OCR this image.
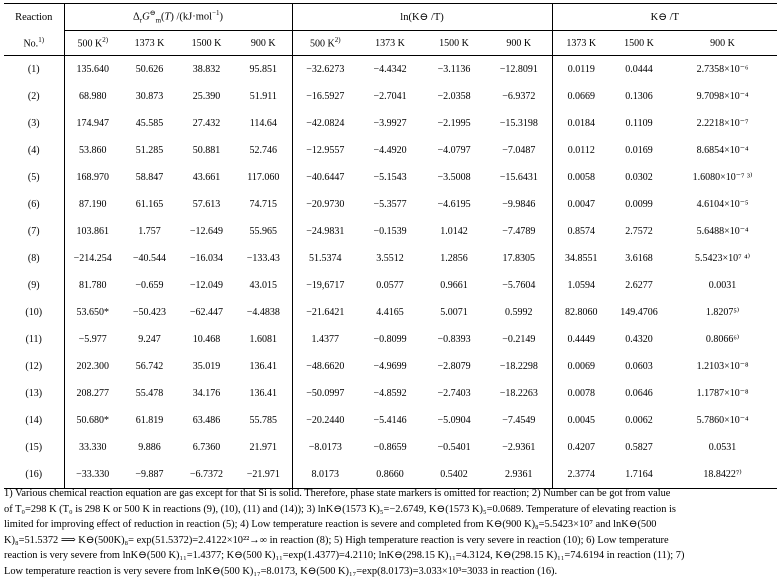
Reaction	$\Delta_rG^⊖_m(T)$ /(kJ·mol$^{-1}$)				ln(K⊖ /T)				K⊖ /T		
No.$^{1)}$	500 $K^{2)}$	1373 K	1500 K	900 K	500 $K^{2)}$	1373 K	1500 K	900 K	1373 K	1500 K	900 K
(1)	135.640	50.626	38.832	95.851	−32.6273	−4.4342	−3.1136	−12.8091	0.0119	0.0444	2.7358×10⁻⁶
(2)	68.980	30.873	25.390	51.911	−16.5927	−2.7041	−2.0358	−6.9372	0.0669	0.1306	9.7098×10⁻⁴
(3)	174.947	45.585	27.432	114.64	−42.0824	−3.9927	−2.1995	−15.3198	0.0184	0.1109	2.2218×10⁻⁷
(4)	53.860	51.285	50.881	52.746	−12.9557	−4.4920	−4.0797	−7.0487	0.0112	0.0169	8.6854×10⁻⁴
(5)	168.970	58.847	43.661	117.060	−40.6447	−5.1543	−3.5008	−15.6431	0.0058	0.0302	1.6080×10⁻⁷ ³⁾
(6)	87.190	61.165	57.613	74.715	−20.9730	−5.3577	−4.6195	−9.9846	0.0047	0.0099	4.6104×10⁻⁵
(7)	103.861	1.757	−12.649	55.965	−24.9831	−0.1539	1.0142	−7.4789	0.8574	2.7572	5.6488×10⁻⁴
(8)	−214.254	−40.544	−16.034	−133.43	51.5374	3.5512	1.2856	17.8305	34.8551	3.6168	5.5423×10⁷ ⁴⁾
(9)	81.780	−0.659	−12.049	43.015	−19,6717	0.0577	0.9661	−5.7604	1.0594	2.6277	0.0031
(10)	53.650*	−50.423	−62.447	−4.4838	−21.6421	4.4165	5.0071	0.5992	82.8060	149.4706	1.8207⁵⁾
(11)	−5.977	9.247	10.468	1.6081	1.4377	−0.8099	−0.8393	−0.2149	0.4449	0.4320	0.8066⁶⁾
(12)	202.300	56.742	35.019	136.41	−48.6620	−4.9699	−2.8079	−18.2298	0.0069	0.0603	1.2103×10⁻⁸
(13)	208.277	55.478	34.176	136.41	−50.0997	−4.8592	−2.7403	−18.2263	0.0078	0.0646	1.1787×10⁻⁸
(14)	50.680*	61.819	63.486	55.785	−20.2440	−5.4146	−5.0904	−7.4549	0.0045	0.0062	5.7860×10⁻⁴
(15)	33.330	9.886	6.7360	21.971	−8.0173	−0.8659	−0.5401	−2.9361	0.4207	0.5827	0.0531
(16)	−33.330	−9.887	−6.7372	−21.971	8.0173	0.8660	0.5402	2.9361	2.3774	1.7164	18.8422⁷⁾
1) Various chemical reaction equation are gas except for that Si is solid. Therefore, phase state markers is omitted for reaction; 2) Number can be got from value
of T₀=298 K (T₀ is 298 K or 500 K in reactions (9), (10), (11) and (14)); 3) lnK⊖(1573 K)₅=−2.6749, K⊖(1573 K)₅=0.0689. Temperature of elevating reaction is
limited for improving effect of reduction in reaction (5); 4) Low temperature reaction is severe and completed from K⊖(900 K)₈=5.5423×10⁷ and lnK⊖(500
K)₈=51.5372 ⟹ K⊖(500K)₈= exp(51.5372)=2.4122×10²²→∞ in reaction (8); 5) High temperature reaction is very severe in reaction (10); 6) Low temperature
reaction is very severe from lnK⊖(500 K)₁₁=1.4377; K⊖(500 K)₁₁=exp(1.4377)=4.2110; lnK⊖(298.15 K)₁₁=4.3124, K⊖(298.15 K)₁₁=74.6194 in reaction (11); 7)
Low temperature reaction is very severe from lnK⊖(500 K)₁₇=8.0173, K⊖(500 K)₁₇=exp(8.0173)=3.033×10³=3033 in reaction (16).
